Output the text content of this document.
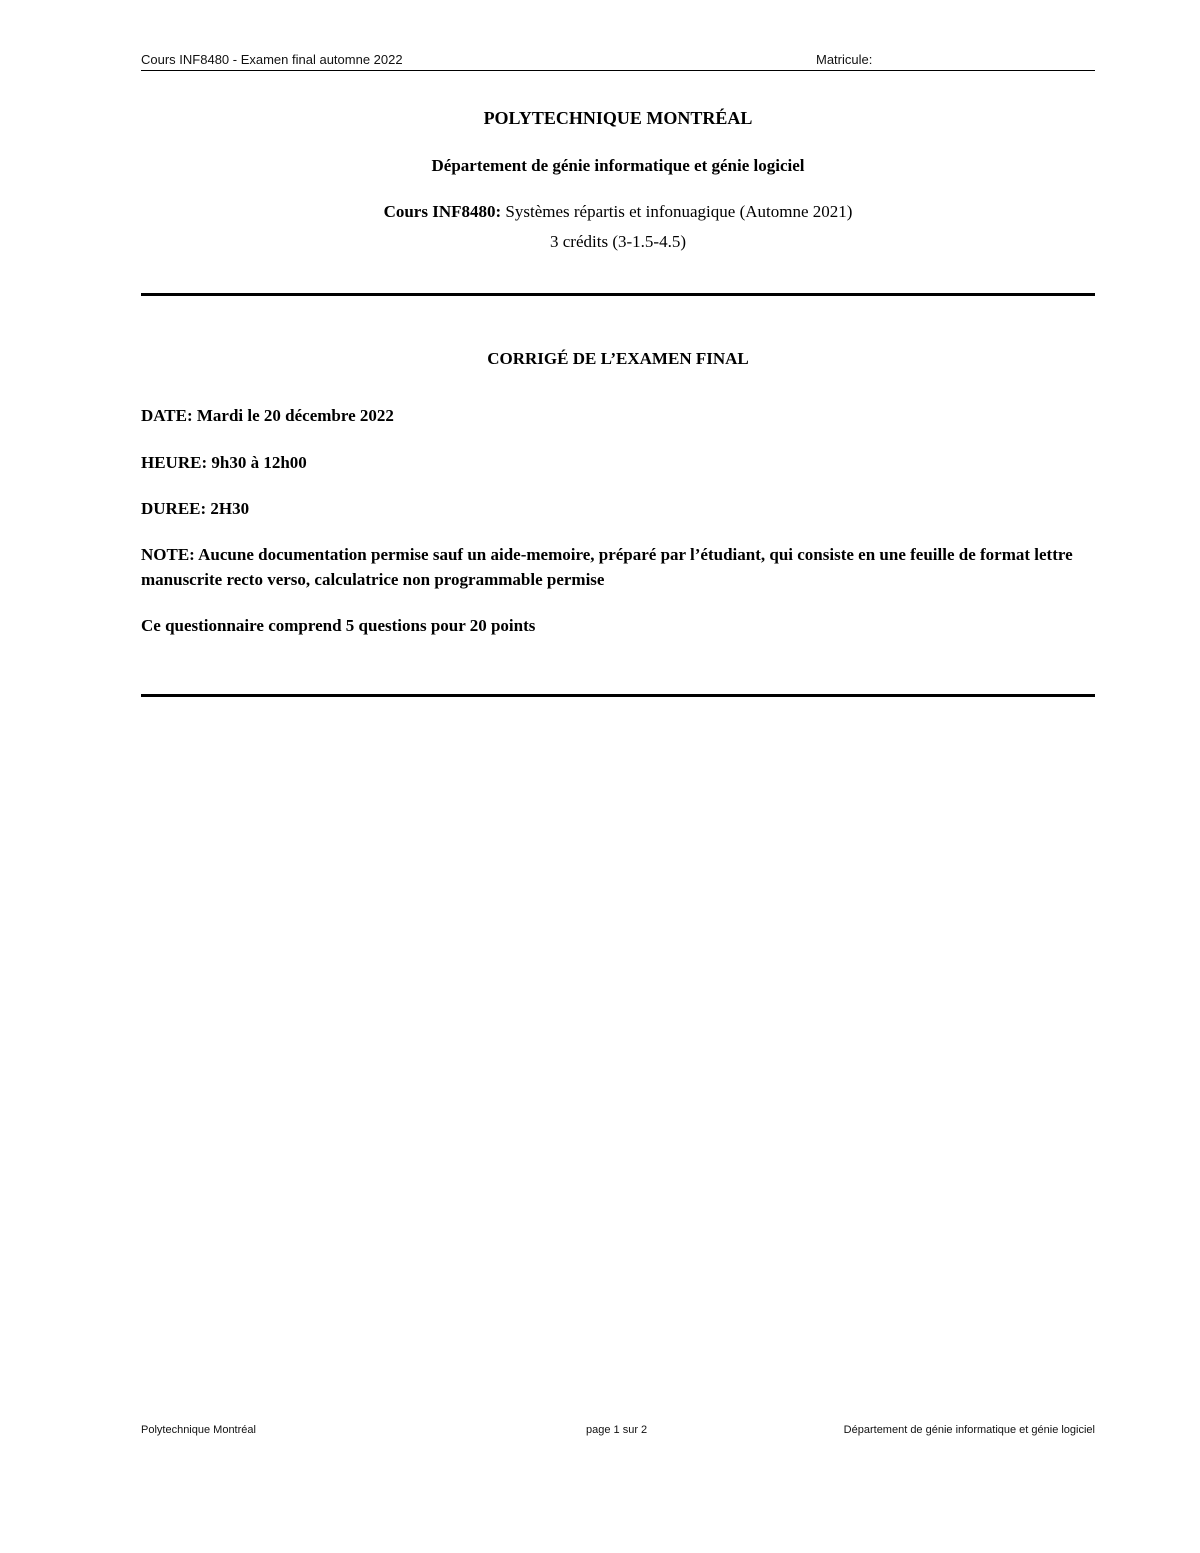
Cours INF8480 - Examen final automne 2022	Matricule:
POLYTECHNIQUE MONTRÉAL
Département de génie informatique et génie logiciel
Cours INF8480: Systèmes répartis et infonuagique (Automne 2021)
3 crédits (3-1.5-4.5)
CORRIGÉ DE L’EXAMEN FINAL
DATE: Mardi le 20 décembre 2022
HEURE: 9h30 à 12h00
DUREE: 2H30
NOTE: Aucune documentation permise sauf un aide-memoire, préparé par l’étudiant, qui consiste en une feuille de format lettre manuscrite recto verso, calculatrice non programmable permise
Ce questionnaire comprend 5 questions pour 20 points
Polytechnique Montréal	page 1 sur 2	Département de génie informatique et génie logiciel
